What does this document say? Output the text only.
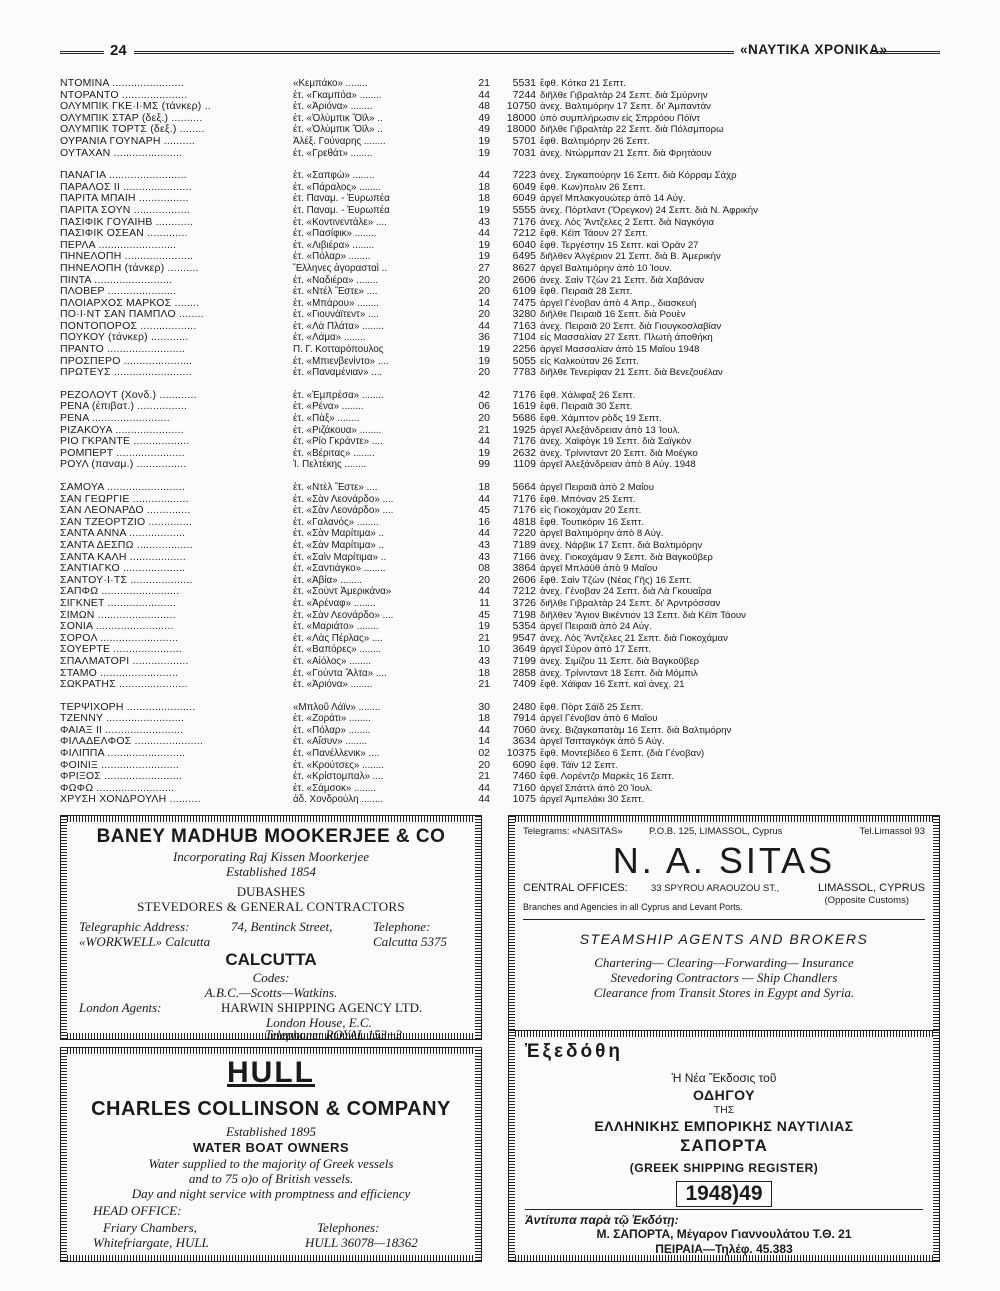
24	«ΝΑΥΤΙΚΑ ΧΡΟΝΙΚΑ»
ΝΤΟΜΙΝΑ .......................	«Κεμπάκο» ........	21	5531 ἔφθ. Κότκα 21 Σεπτ.
ΝΤΟΡΑΝΤΟ .....................	ἐτ. «Γκαμπόα» ........	44	7244 διῆλθε Γιβραλτὰρ 24 Σεπτ. διὰ Σμύρνην
ΟΛΥΜΠΙΚ ΓΚΕ·Ι·ΜΣ (τάνκερ) ..	ἐτ. «Ἀριόνα» ........	48	10750 ἀνεχ. Βαλτιμόρην 17 Σεπτ. δι' Ἀμπαντὰν
ΟΛΥΜΠΙΚ ΣΤΑΡ (δεξ.) ..........	ἐτ. «Ὀλύμπικ Ὄϊλ» ..	49	18000 ὑπὸ συμπλήρωσιν εἰς Σπρρόου Πόϊντ
ΟΛΥΜΠΙΚ ΤΟΡΤΣ (δεξ.) ........	ἐτ. «Ὀλύμπικ Ὄϊλ» ..	49	18000 διῆλθε Γιβραλτὰρ 22 Σεπτ. διὰ Πόλσμπορω
ΟΥΡΑΝΙΑ ΓΟΥΝΑΡΗ ..........	Ἀλέξ. Γούναρης ........	19	5701 ἔφθ. Βαλτιμόρην 26 Σεπτ.
ΟΥΤΑΧΑΝ ......................	ἐτ. «Γρεθάτ» ........	19	7031 ἀνεχ. Ντώρμπαν 21 Σεπτ. διὰ Φρητάουν
ΠΑΝΑΓΙΑ .........................	ἐτ. «Σαπφὼ» ........	44	7223 ἀνεχ. Σιγκαπούρην 16 Σεπτ. διὰ Κόρραμ Σάχρ
ΠΑΡΑΛΟΣ ΙΙ ......................	ἐτ. «Πάραλος» ........	18	6049 ἔφθ. Κων)πολιν 26 Σεπτ.
ΠΑΡΙΤΑ ΜΠΑΙΗ ................	ἐτ. Παναμ. - Ἐυρωπέα	18	6049 ἀργεῖ Μπλακγουώτερ ἀπὸ 14 Αὐγ.
ΠΑΡΙΤΑ ΣΟΥΝ ..................	ἐτ. Παναμ. - Ἐυρωπέα	19	5555 ἀνεχ. Πόρτλαντ (Ὄρεγκον) 24 Σεπτ. διὰ Ν. Ἀφρικὴν
ΠΑΣΙΦΙΚ ΓΟΥΑΙΗΒ ............	ἐτ. «Κοντινεντάλε» ....	43	7176 ἀνεχ. Λὸς Ἄντζελες 2 Σεπτ. διὰ Ναγκόγια
ΠΑΣΙΦΙΚ ΟΣΕΑΝ .............	ἐτ. «Πασίφικ» ........	44	7212 ἔφθ. Κέϊπ Τάουν 27 Σεπτ.
ΠΕΡΛΑ .........................	ἐτ. «Λιβιέρα» ........	19	6040 ἔφθ. Τεργέστην 15 Σεπτ. καὶ Ὀρὰν 27
ΠΗΝΕΛΟΠΗ ......................	ἐτ. «Πόλαρ» ........	19	6495 διῆλθεν Ἀλγέριον 21 Σεπτ. διὰ Β. Ἀμερικὴν
ΠΗΝΕΛΟΠΗ (τάνκερ) ..........	Ἕλληνες ἀγορασταὶ ..	27	8627 ἀργεῖ Βαλτιμόρην ἀπὸ 10 Ἰουν.
ΠΙΝΤΑ .........................	ἐτ. «Ναδιέρα» ........	20	2606 ἀνεχ. Σαὶν Τζὼν 21 Σεπτ. διὰ Χαβάναν
ΠΛΟΒΕΡ ......................	ἐτ. «Ντέλ Ἔστε» ....	20	6109 ἔφθ. Πειραιᾶ 28 Σεπτ.
ΠΛΟΙΑΡΧΟΣ ΜΑΡΚΟΣ ........	ἐτ. «Μπάρου» ........	14	7475 ἀργεῖ Γένοβαν ἀπὸ 4 Ἀπρ., διασκευὴ
ΠΟ·Ι·ΝΤ ΣΑΝ ΠΑΜΠΛΟ ........	ἐτ. «Γιουνάϊτεντ» ....	20	3280 διῆλθε Πειραιᾶ 16 Σεπτ. διὰ Ρουὲν
ΠΟΝΤΟΠΟΡΟΣ ..................	ἐτ. «Λὰ Πλάτα» ........	44	7163 ἀνεχ. Πειραιᾶ 20 Σεπτ. διὰ Γιουγκοσλαβίαν
ΠΟΥΚΟΥ (τάνκερ) ............	ἐτ. «Λάμα» ........	36	7104 εἰς Μασσαλίαν 27 Σεπτ. Πλωτὴ ἀποθήκη
ΠΡΑΝΤΟ .........................	Π. Γ. Κοτταρόπουλος	19	2256 ἀργεῖ Μασσαλίαν ἀπὸ 15 Μαΐου 1948
ΠΡΟΣΠΕΡΟ ......................	ἐτ. «Μπιενβενίντο» ....	19	5055 εἰς Καλκούταν 26 Σεπτ.
ΠΡΩΤΕΥΣ .........................	ἐτ. «Παναμένιαν» ....	20	7783 διῆλθε Τενερίφαν 21 Σεπτ. διὰ Βενεζουέλαν
ΡΕΖΟΛΟΥΤ (Χονδ.) ............	ἐτ. «Ἐμπρέσα» ........	42	7176 ἔφθ. Χάλιφαξ 26 Σεπτ.
ΡΕΝΑ (ἐπιβατ.) ................	ἐτ. «Ρένα» ........	06	1619 ἔφθ. Πειραιᾶ 30 Σεπτ.
ΡΕΝΑ .........................	ἐτ. «Πὰξ» ........	20	5686 ἔφθ. Χάμπτον ρὸδς 19 Σεπτ.
ΡΙΖΑΚΟΥΑ ......................	ἐτ. «Ριζάκουα» ........	21	1925 ἀργεῖ Ἀλεξάνδρειαν ἀπὸ 13 Ἰουλ.
ΡΙΟ ΓΚΡΑΝΤΕ ..................	ἐτ. «Ρίο Γκράντε» ....	44	7176 ἀνεχ. Χαϊφὸγκ 19 Σεπτ. διὰ Σαϊγκὸν
ΡΟΜΠΕΡΤ ......................	ἐτ. «Βέριτας» ........	19	2632 ἀνεχ. Τρίνινταντ 20 Σεπτ. διὰ Μοέγκο
ΡΟΥΛ (παναμ.) ................	Ἰ. Πελτέκης ........	99	1109 ἀργεῖ Ἀλεξάνδρειαν ἀπὸ 8 Αὐγ. 1948
ΣΑΜΟΥΑ .........................	ἐτ. «Ντὲλ Ἔστε» ....	18	5664 ἀργεῖ Πειραιᾶ ἀπὸ 2 Μαΐου
ΣΑΝ ΓΕΩΡΓΙΕ ..................	ἐτ. «Σὰν Λεονάρδο» ....	44	7176 ἔφθ. Μπόναν 25 Σεπτ.
ΣΑΝ ΛΕΟΝΑΡΔΟ ..............	ἐτ. «Σὰν Λεονάρδο» ....	45	7176 εἰς Γιοκοχάμαν 20 Σεπτ.
ΣΑΝ ΤΖΕΟΡΤΖΙΟ ..............	ἐτ. «Γαλανός» ........	16	4818 ἔφθ. Τουτικόριν 16 Σεπτ.
ΣΑΝΤΑ ΑΝΝΑ ..................	ἐτ. «Σὰν Μαρίτιμα» ..	44	7220 ἀργεῖ Βαλτιμόρην ἀπὸ 8 Αὐγ.
ΣΑΝΤΑ ΔΕΣΠΩ ..................	ἐτ. «Σὰν Μαρίτιμα» ..	43	7189 ἀνεχ. Νάρβικ 17 Σεπτ. διὰ Βαλτιμόρην
ΣΑΝΤΑ ΚΑΛΗ ..................	ἐτ. «Σαὶν Μαρίτιμα» ..	43	7166 ἀνεχ. Γιοκοχάμαν 9 Σεπτ. διὰ Βαγκοῦβερ
ΣΑΝΤΙΑΓΚΟ ....................	ἐτ. «Σαντιάγκο» ........	08	3864 ἀργεῖ Μπλάϋθ ἀπὸ 9 Μαΐου
ΣΑΝΤΟΥ·Ι·ΤΣ ....................	ἐτ. «Ἀβία» ........	20	2606 ἔφθ. Σαὶν Τζὼν (Νέας Γῆς) 16 Σεπτ.
ΣΑΠΦΩ .........................	ἐτ. «Σοὺντ Ἀμερικάνα»	44	7212 ἀνεχ. Γένοβαν 24 Σεπτ. διὰ Λὰ Γκουαΐρα
ΣΙΓΚΝΕΤ ......................	ἐτ. «Ἀρέναφ» ........	11	3726 διῆλθε Γιβραλτὰρ 24 Σεπτ. δι' Ἀρντρόσσαν
ΣΙΜΩΝ .........................	ἐτ. «Σὰν Λεονάρδο» ....	45	7198 διῆλθεν Ἅγιον Βικέντιον 13 Σεπτ. διὰ Κέϊπ Τάουν
ΣΟΝΙΑ .........................	ἐτ. «Μαριάτο» ........	19	5354 ἀργεῖ Πειραιᾶ ἀπὸ 24 Αὐγ.
ΣΟΡΟΛ .........................	ἐτ. «Λὰς Πέρλας» ....	21	9547 ἀνεχ. Λὸς Ἄντζελες 21 Σεπτ. διὰ Γιοκοχάμαν
ΣΟΥΕΡΤΕ ......................	ἐτ. «Βαπόρες» ........	10	3649 ἀργεῖ Σύρον ἀπὸ 17 Σεπτ.
ΣΠΑΛΜΑΤΟΡΙ ..................	ἐτ. «Αἰόλος» ........	43	7199 ἀνεχ. Σιμίζου 11 Σεπτ. διὰ Βαγκοῦβερ
ΣΤΑΜΟ .........................	ἐτ. «Γούντα Ἄλτα» ....	18	2858 ἀνεχ. Τρίνινταντ 18 Σεπτ. διὰ Μόμπιλ
ΣΩΚΡΑΤΗΣ ......................	ἐτ. «Ἀριόνα» ........	21	7409 ἔφθ. Χάϊφαν 16 Σεπτ. καὶ ἀνεχ. 21
ΤΕΡΨΙΧΟΡΗ ......................	«Μπλοῦ Λάϊν» ........	30	2480 ἔφθ. Πὸρτ Σάϊδ 25 Σεπτ.
ΤΖΕΝΝΥ .........................	ἐτ. «Ζοράτι» ........	18	7914 ἀργεῖ Γένοβαν ἀπὸ 6 Μαΐου
ΦΑΙΑΞ ΙΙ .........................	ἐτ. «Πόλαρ» ........	44	7060 ἀνεχ. Βιζαγκαπατὰμ 16 Σεπτ. διὰ Βαλτιμόρην
ΦΙΛΑΔΕΛΦΟΣ ......................	ἐτ. «Αἴσυν» ........	14	3634 ἀργεῖ Τσιτταγκὸγκ ἀπὸ 5 Αὐγ.
ΦΙΛΙΠΠΑ .........................	ἐτ. «Πανέλλενικ» ....	02	10375 ἔφθ. Μοντεβίδεο 6 Σεπτ. (διὰ Γένοβαν)
ΦΟΙΝΙΞ .........................	ἐτ. «Κρούτσες» ........	20	6090 ἔφθ. Τάϊν 12 Σεπτ.
ΦΡΙΞΟΣ .........................	ἐτ. «Κρίστομπαλ» ....	21	7460 ἔφθ. Λορέντζο Μαρκὲς 16 Σεπτ.
ΦΩΦΩ .........................	ἐτ. «Σάμσοκ» ........	44	7160 ἀργεῖ Σπάττλ ἀπὸ 20 Ἰουλ.
ΧΡΥΣΗ ΧΟΝΔΡΟΥΛΗ ..........	ἀδ. Χονδρούλη ........	44	1075 ἀργεῖ Ἀμπελάκι 30 Σεπτ.
BANEY MADHUB MOOKERJEE & CO
Incorporating Raj Kissen Moorkerjee
Established 1854
DUBASHES
STEVEDORES & GENERAL CONTRACTORS
Telegraphic Address:	74, Bentinck Street,	Telephone:
«WORKWELL» Calcutta	Calcutta 5375
CALCUTTA
Codes:
A.B.C.—Scotts—Watkins.
London Agents:	HARWIN SHIPPING AGENCY LTD.
London House, E.C.
Telephone: ROYAL 153+3
Telegrams: «NASITAS»	P.O.B. 125, LIMASSOL, Cyprus	Tel.Limassol 93
N. A. SITAS
CENTRAL OFFICES: 33 SPYROU ARAOUZOU ST.,	LIMASSOL, CYPRUS
(Opposite Customs)
Branches and Agencies in all Cyprus and Levant Ports.
STEAMSHIP AGENTS AND BROKERS
Chartering— Clearing—Forwarding— Insurance
Stevedoring Contractors — Ship Chandlers
Clearance from Transit Stores in Egypt and Syria.
HULL
CHARLES COLLINSON & COMPANY
Established 1895
WATER BOAT OWNERS
Water supplied to the majority of Greek vessels
and to 75 o)o of British vessels.
Day and night service with promptness and efficiency
HEAD OFFICE:
Friary Chambers,	Telephones:
Whitefriargate, HULL	HULL 36078—18362
Ἐξεδόθη
Ἡ Νέα Ἔκδοσις τοῦ
ΟΔΗΓΟΥ
ΤΗΣ
ΕΛΛΗΝΙΚΗΣ ΕΜΠΟΡΙΚΗΣ ΝΑΥΤΙΛΙΑΣ
ΣΑΠΟΡΤΑ
(GREEK SHIPPING REGISTER)
1948)49
Ἀντίτυπα παρὰ τῷ Ἐκδότῃ:
Μ. ΣΑΠΟΡΤΑ, Μέγαρον Γιαννουλάτου Τ.Θ. 21
ΠΕΙΡΑΙΑ—Τηλέφ. 45.383
